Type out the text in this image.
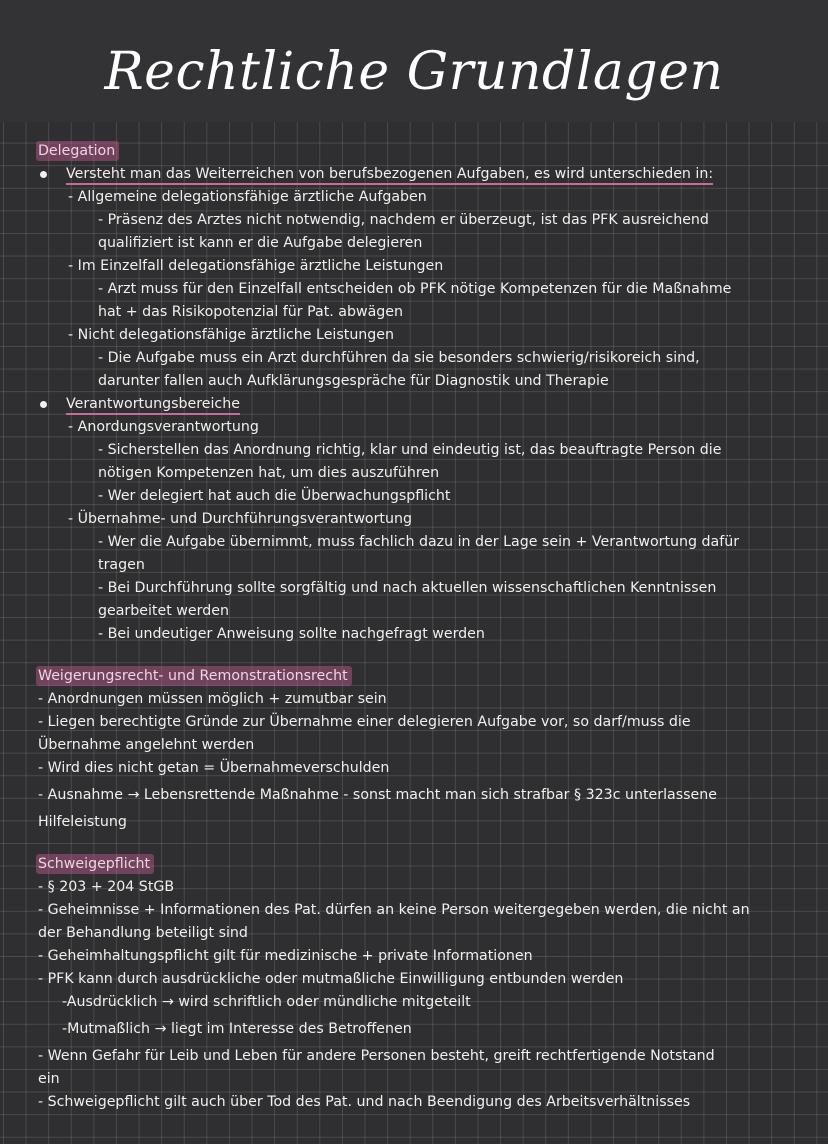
Rechtliche Grundlagen
Delegation
Versteht man das Weiterreichen von berufsbezogenen Aufgaben, es wird unterschieden in:
- Allgemeine delegationsfähige ärztliche Aufgaben
- Präsenz des Arztes nicht notwendig, nachdem er überzeugt, ist das PFK ausreichend
qualifiziert ist kann er die Aufgabe delegieren
- Im Einzelfall delegationsfähige ärztliche Leistungen
- Arzt muss für den Einzelfall entscheiden ob PFK nötige Kompetenzen für die Maßnahme
hat + das Risikopotenzial für Pat. abwägen
- Nicht delegationsfähige ärztliche Leistungen
- Die Aufgabe muss ein Arzt durchführen da sie besonders schwierig/risikoreich sind,
darunter fallen auch Aufklärungsgespräche für Diagnostik und Therapie
Verantwortungsbereiche
- Anordungsverantwortung
- Sicherstellen das Anordnung richtig, klar und eindeutig ist, das beauftragte Person die
nötigen Kompetenzen hat, um dies auszuführen
- Wer delegiert hat auch die Überwachungspflicht
- Übernahme- und Durchführungsverantwortung
- Wer die Aufgabe übernimmt, muss fachlich dazu in der Lage sein + Verantwortung dafür
tragen
- Bei Durchführung sollte sorgfältig und nach aktuellen wissenschaftlichen Kenntnissen
gearbeitet werden
- Bei undeutiger Anweisung sollte nachgefragt werden
Weigerungsrecht- und Remonstrationsrecht
- Anordnungen müssen möglich + zumutbar sein
- Liegen berechtigte Gründe zur Übernahme einer delegieren Aufgabe vor, so darf/muss die
Übernahme angelehnt werden
- Wird dies nicht getan = Übernahmeverschulden
- Ausnahme → Lebensrettende Maßnahme - sonst macht man sich strafbar § 323c unterlassene
Hilfeleistung
Schweigepflicht
- § 203 + 204 StGB
- Geheimnisse + Informationen des Pat. dürfen an keine Person weitergegeben werden, die nicht an
der Behandlung beteiligt sind
- Geheimhaltungspflicht gilt für medizinische + private Informationen
- PFK kann durch ausdrückliche oder mutmaßliche Einwilligung entbunden werden
-Ausdrücklich → wird schriftlich oder mündliche mitgeteilt
-Mutmaßlich → liegt im Interesse des Betroffenen
- Wenn Gefahr für Leib und Leben für andere Personen besteht, greift rechtfertigende Notstand
ein
- Schweigepflicht gilt auch über Tod des Pat. und nach Beendigung des Arbeitsverhältnisses
